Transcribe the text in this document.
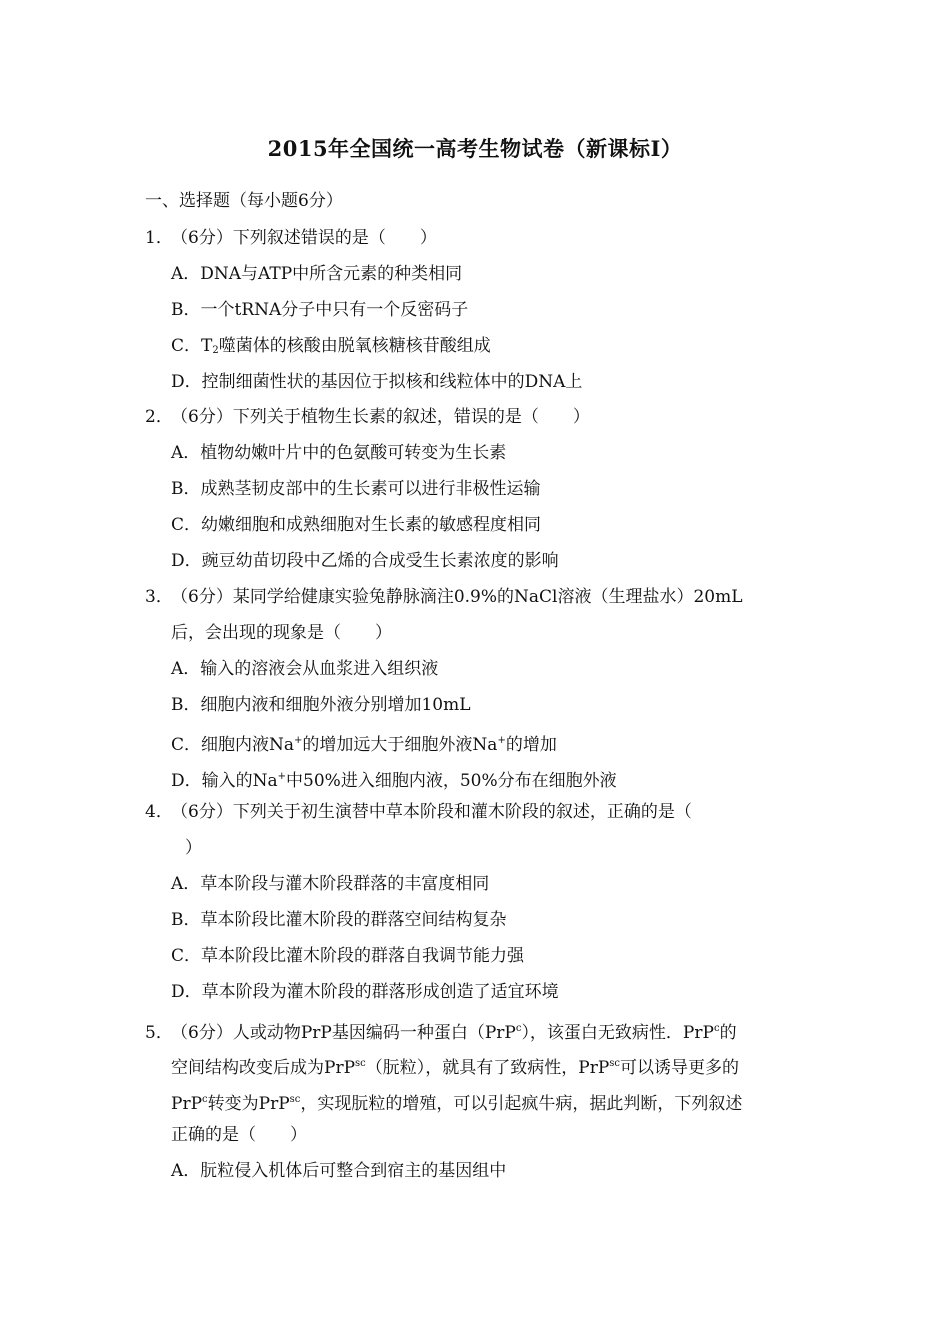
2015年全国统一高考生物试卷（新课标Ⅰ）
一、选择题（每小题6分）
1．（6分）下列叙述错误的是（　　）
A．DNA与ATP中所含元素的种类相同
B．一个tRNA分子中只有一个反密码子
C．$T_2$噬菌体的核酸由脱氧核糖核苷酸组成
D．控制细菌性状的基因位于拟核和线粒体中的DNA上
2．（6分）下列关于植物生长素的叙述，错误的是（　　）
A．植物幼嫩叶片中的色氨酸可转变为生长素
B．成熟茎韧皮部中的生长素可以进行非极性运输
C．幼嫩细胞和成熟细胞对生长素的敏感程度相同
D．豌豆幼苗切段中乙烯的合成受生长素浓度的影响
3．（6分）某同学给健康实验兔静脉滴注0.9%的NaCl溶液（生理盐水）20mL
后，会出现的现象是（　　）
A．输入的溶液会从血浆进入组织液
B．细胞内液和细胞外液分别增加10mL
C．细胞内液Na+的增加远大于细胞外液Na+的增加
D．输入的Na+中50%进入细胞内液，50%分布在细胞外液
4．（6分）下列关于初生演替中草本阶段和灌木阶段的叙述，正确的是（
）
A．草本阶段与灌木阶段群落的丰富度相同
B．草本阶段比灌木阶段的群落空间结构复杂
C．草本阶段比灌木阶段的群落自我调节能力强
D．草本阶段为灌木阶段的群落形成创造了适宜环境
5．（6分）人或动物PrP基因编码一种蛋白（PrP$^c$），该蛋白无致病性．PrP$^c$的
空间结构改变后成为PrP$^{sc}$（朊粒），就具有了致病性，PrP$^{sc}$可以诱导更多的
PrP$^c$转变为PrP$^{sc}$，实现朊粒的增殖，可以引起疯牛病，据此判断，下列叙述
正确的是（　　）
A．朊粒侵入机体后可整合到宿主的基因组中
